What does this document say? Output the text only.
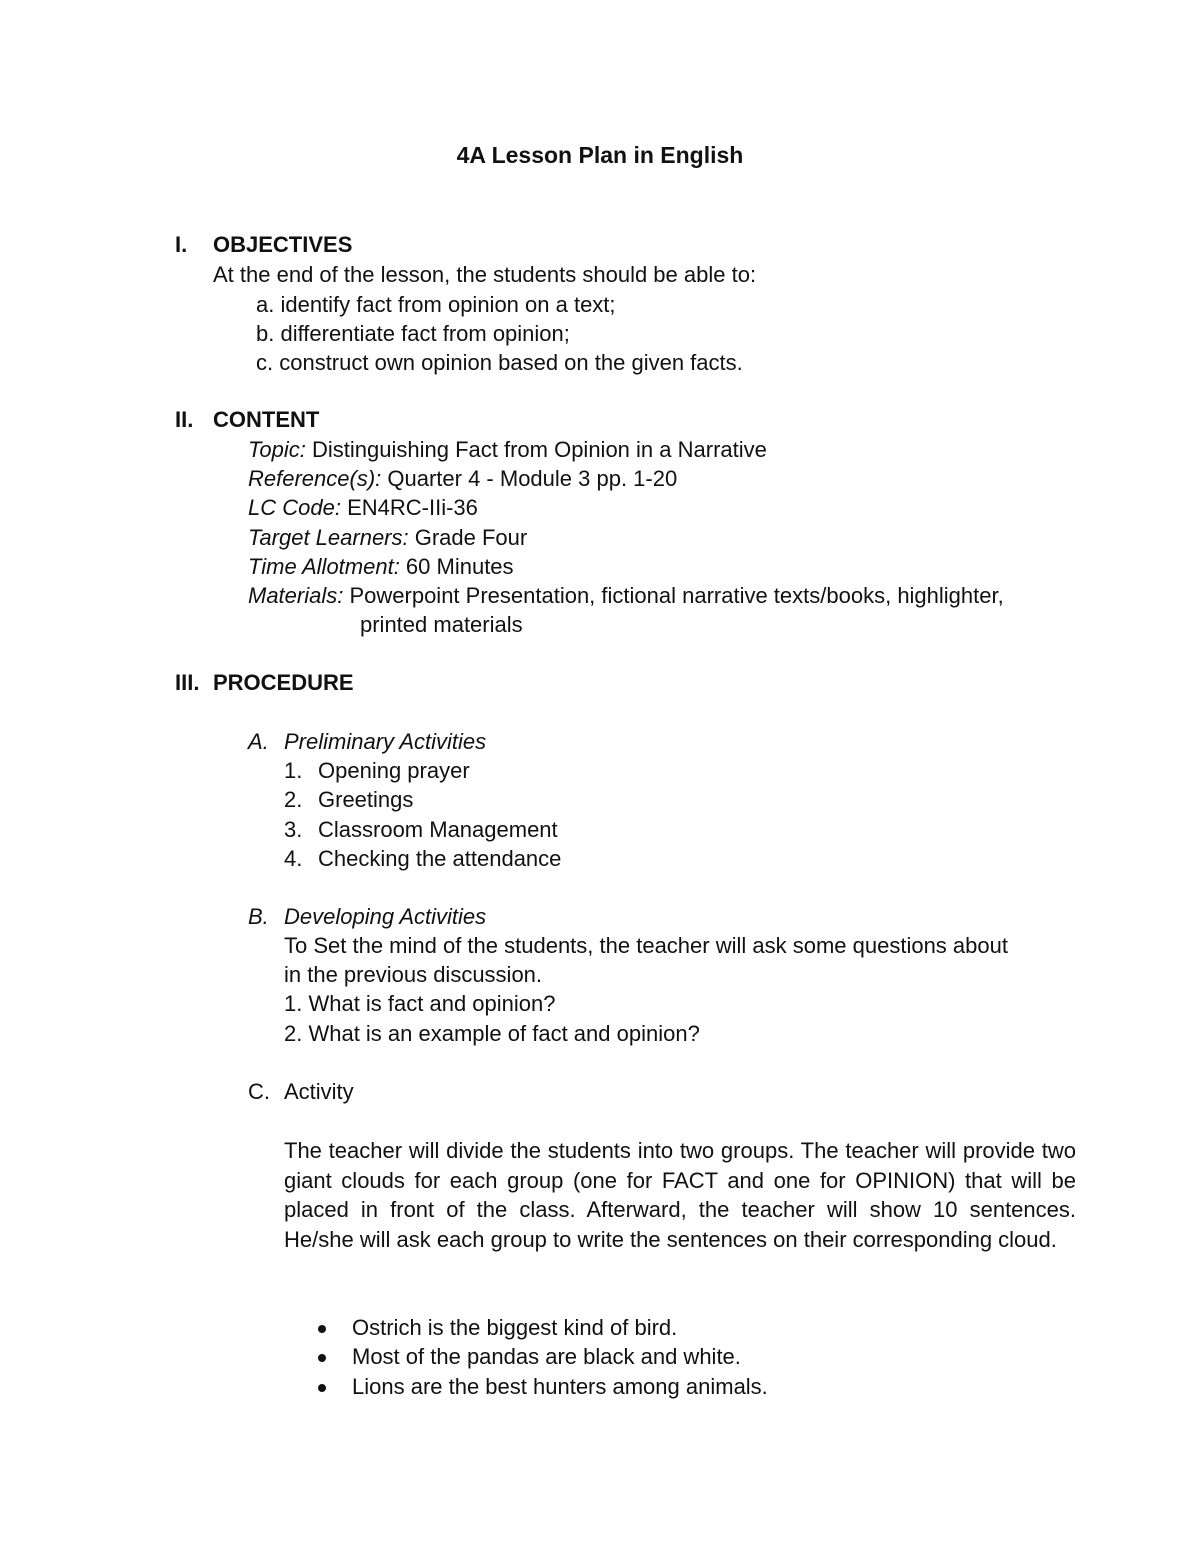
4A Lesson Plan in English
I. OBJECTIVES
At the end of the lesson, the students should be able to:
a. identify fact from opinion on a text;
b. differentiate fact from opinion;
c. construct own opinion based on the given facts.
II. CONTENT
Topic: Distinguishing Fact from Opinion in a Narrative
Reference(s): Quarter 4 - Module 3 pp. 1-20
LC Code: EN4RC-IIi-36
Target Learners: Grade Four
Time Allotment: 60 Minutes
Materials: Powerpoint Presentation, fictional narrative texts/books, highlighter,
printed materials
III. PROCEDURE
A. Preliminary Activities
1. Opening prayer
2. Greetings
3. Classroom Management
4. Checking the attendance
B. Developing Activities
To Set the mind of the students, the teacher will ask some questions about
in the previous discussion.
1. What is fact and opinion?
2. What is an example of fact and opinion?
C. Activity
The teacher will divide the students into two groups. The teacher will provide two giant clouds for each group (one for FACT and one for OPINION) that will be placed in front of the class. Afterward, the teacher will show 10 sentences. He/she will ask each group to write the sentences on their corresponding cloud.
Ostrich is the biggest kind of bird.
Most of the pandas are black and white.
Lions are the best hunters among animals.
